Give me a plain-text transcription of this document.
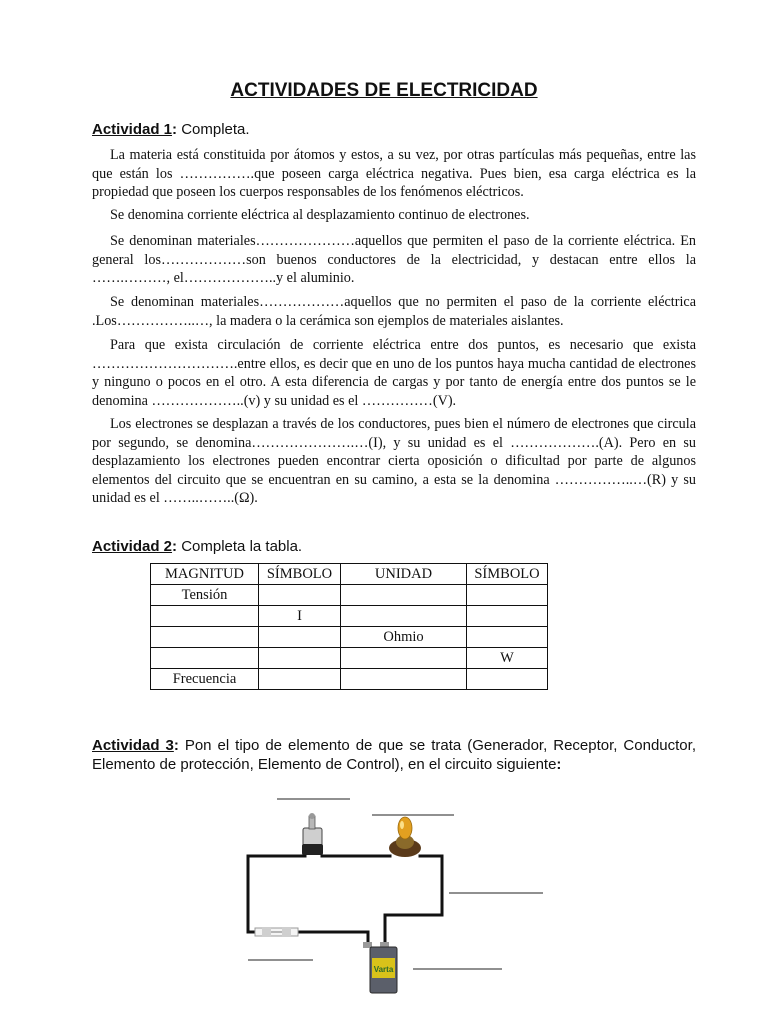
ACTIVIDADES DE ELECTRICIDAD
Actividad 1: Completa.

La materia está constituida por átomos y estos, a su vez, por otras partículas más pequeñas, entre las que están los …………….que poseen carga eléctrica negativa. Pues bien, esa carga eléctrica es la propiedad que poseen los cuerpos responsables de los fenómenos eléctricos.

Se denomina corriente eléctrica al desplazamiento continuo de electrones.

Se denominan materiales…………………aquellos que permiten el paso de la corriente eléctrica. En general los………………son buenos conductores de la electricidad, y destacan entre ellos la …….………, el………………..y el aluminio.

Se denominan materiales………………aquellos que no permiten el paso de la corriente eléctrica .Los……………..…, la madera o la cerámica son ejemplos de materiales aislantes.

Para que exista circulación de corriente eléctrica entre dos puntos, es necesario que exista ………………………….entre ellos, es decir que en uno de los puntos haya mucha cantidad de electrones y ninguno o pocos en el otro. A esta diferencia de cargas y por tanto de energía entre dos puntos se le denomina ………………..(v) y su unidad es el ……………(V).

Los electrones se desplazan a través de los conductores, pues bien el número de electrones que circula por segundo, se denomina………………….…(I), y su unidad es el ……………….(A). Pero en su desplazamiento los electrones pueden encontrar cierta oposición o dificultad por parte de algunos elementos del circuito que se encuentran en su camino, a esta se la denomina ……………..…(R) y su unidad es el ……..……..(Ω).

Actividad 2: Completa la tabla.
MAGNITUD	SÍMBOLO	UNIDAD	SÍMBOLO
Tensión			
	I		
		Ohmio	
			W
Frecuencia			

Actividad 3: Pon el tipo de elemento de que se trata (Generador, Receptor, Conductor, Elemento de protección, Elemento de Control), en el circuito siguiente:

Varta
